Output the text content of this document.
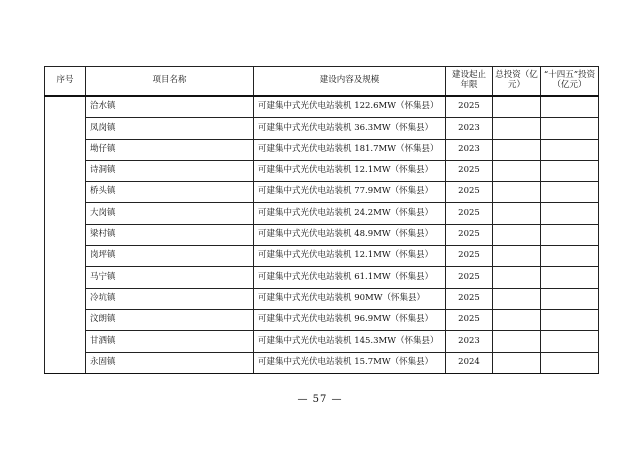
序号	项目名称	建设内容及规模	建设起止年限	总投资（亿元）	“十四五”投资（亿元）
	洽水镇	可建集中式光伏电站装机 122.6MW（怀集县）	2025		
	凤岗镇	可建集中式光伏电站装机 36.3MW（怀集县）	2023		
	坳仔镇	可建集中式光伏电站装机 181.7MW（怀集县）	2023		
	诗洞镇	可建集中式光伏电站装机 12.1MW（怀集县）	2025		
	桥头镇	可建集中式光伏电站装机 77.9MW（怀集县）	2025		
	大岗镇	可建集中式光伏电站装机 24.2MW（怀集县）	2025		
	梁村镇	可建集中式光伏电站装机 48.9MW（怀集县）	2025		
	岗坪镇	可建集中式光伏电站装机 12.1MW（怀集县）	2025		
	马宁镇	可建集中式光伏电站装机 61.1MW（怀集县）	2025		
	冷坑镇	可建集中式光伏电站装机 90MW（怀集县）	2025		
	汶朗镇	可建集中式光伏电站装机 96.9MW（怀集县）	2025		
	甘洒镇	可建集中式光伏电站装机 145.3MW（怀集县）	2023		
	永固镇	可建集中式光伏电站装机 15.7MW（怀集县）	2024		
— 57 —
